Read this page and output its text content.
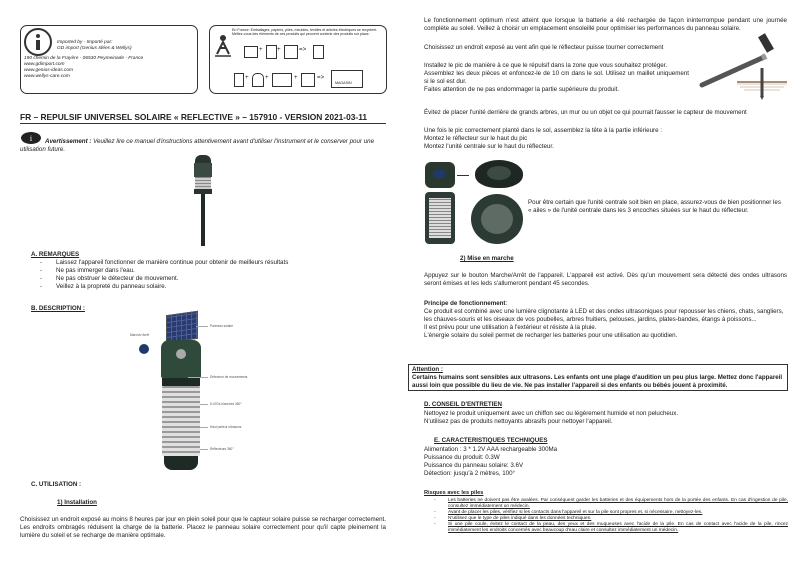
Imported by - Importé par:
GD import (Genius Idées & Wellys)
190 chemin de la Frayère - 06530 Peymeinade - France
www.gdimport.com
www.genius-ideas.com
www.wellys-care.com
En France: Emballages, papiers, piles, meubles, textiles et articles électriques se recyclent.
Méfiez-vous des éléments de ces produits qui peuvent contenir des produits sur place.
+ +	=>
+	+	+	=>
MAGASIN
FR – REPULSIF UNIVERSEL SOLAIRE « REFLECTIVE » – 157910 - VERSION 2021-03-11
i	Avertissement : Veuillez lire ce manuel d'instructions attentivement avant d'utiliser l'instrument et le conserver pour une utilisation future.
A. REMARQUES
- Laissez l'appareil fonctionner de manière continue pour obtenir de meilleurs résultats
- Ne pas immerger dans l'eau.
- Ne pas obstruer le détecteur de mouvement.
- Veillez à la propreté du panneau solaire.
B. DESCRIPTION :
Panneau solaire
Marche/ Arrêt
Détecteur de mouvements
6 LEDs blanches 360°
Haut parleur ultrasons
Réflecteurs 360°
C. UTILISATION :
1) Installation
Choisissez un endroit exposé au moins 8 heures par jour en plein soleil pour que le capteur solaire puisse se recharger correctement. Les endroits ombragés réduisent la charge de la batterie. Placez le panneau solaire correctement pour qu'il capte pleinement la lumière du soleil et se recharge de manière optimale.
Le fonctionnement optimum n'est atteint que lorsque la batterie a été rechargée de façon ininterrompue pendant une journée complète au soleil. Veillez à choisir un emplacement ensoleillé pour optimiser les performances du panneau solaire.
Choisissez un endroit exposé au vent afin que le réflecteur puisse tourner correctement
Installez le pic de manière à ce que le répulsif dans la zone que vous souhaitez protéger.
Assemblez les deux pièces et enfoncez-le de 10 cm dans le sol. Utilisez un maillet uniquement si le sol est dur.
Faites attention de ne pas endommager la partie supérieure du produit.
Évitez de placer l'unité derrière de grands arbres, un mur ou un objet ce qui pourrait fausser le capteur de mouvement
Une fois le pic correctement planté dans le sol, assemblez la tête à la partie inférieure :
Montez le réflecteur sur le haut du pic
Montez l'unité centrale sur le haut du réflecteur.
Pour être certain que l'unité centrale soit bien en place, assurez-vous de bien positionner les « ailes » de l'unité centrale dans les 3 encoches situées sur le haut du réflecteur.
2) Mise en marche
Appuyez sur le bouton Marche/Arrêt de l'appareil. L'appareil est activé. Dès qu'un mouvement sera détecté des ondes ultrasons seront émises et les leds s'allumeront pendant 45 secondes.
Principe de fonctionnement:
Ce produit est combiné avec une lumière clignotante à LED et des ondes ultrasoniques pour repousser les chiens, chats, sangliers, les chauves-souris et les oiseaux de vos poubelles, arbres fruitiers, pelouses, jardins, plates-bandes, étangs à poissons...
Il est prévu pour une utilisation à l'extérieur et résiste à la pluie.
L'énergie solaire du soleil permet de recharger les batteries pour une utilisation au quotidien.
Attention :
Certains humains sont sensibles aux ultrasons. Les enfants ont une plage d'audition un peu plus large. Mettez donc l'appareil aussi loin que possible du lieu de vie. Ne pas installer l'appareil si des enfants ou bébés jouent à proximité.
D. CONSEIL D'ENTRETIEN
Nettoyez le produit uniquement avec un chiffon sec ou légèrement humide et non pelucheux.
N'utilisez pas de produits nettoyants abrasifs pour nettoyer l'appareil.
E. CARACTERISTIQUES TECHNIQUES
Alimentation : 3 * 1.2V AAA rechargeable 300Ma
Puissance du produit: 0.3W
Puissance du panneau solaire: 3.6V
Détection: jusqu'à 2 mètres, 100°
Risques avec les piles
- Les batteries ne doivent pas être avalées. Par conséquent garder les batteries et des équipements hors de la portée des enfants. En cas d'ingestion de pile, consultez immédiatement un médecin.
- Avant de placer les piles, vérifiez si les contacts dans l'appareil et sur la pile sont propres et, si nécessaire, nettoyez-les.
- N'utilisez que le type de piles indiqué dans les données techniques.
- Si une pile coule, évitez le contact de la peau, des yeux et des muqueuses avec l'acide de la pile. En cas de contact avec l'acide de la pile, rincez immédiatement les endroits concernés avec beaucoup d'eau claire et consultez immédiatement un médecin.
